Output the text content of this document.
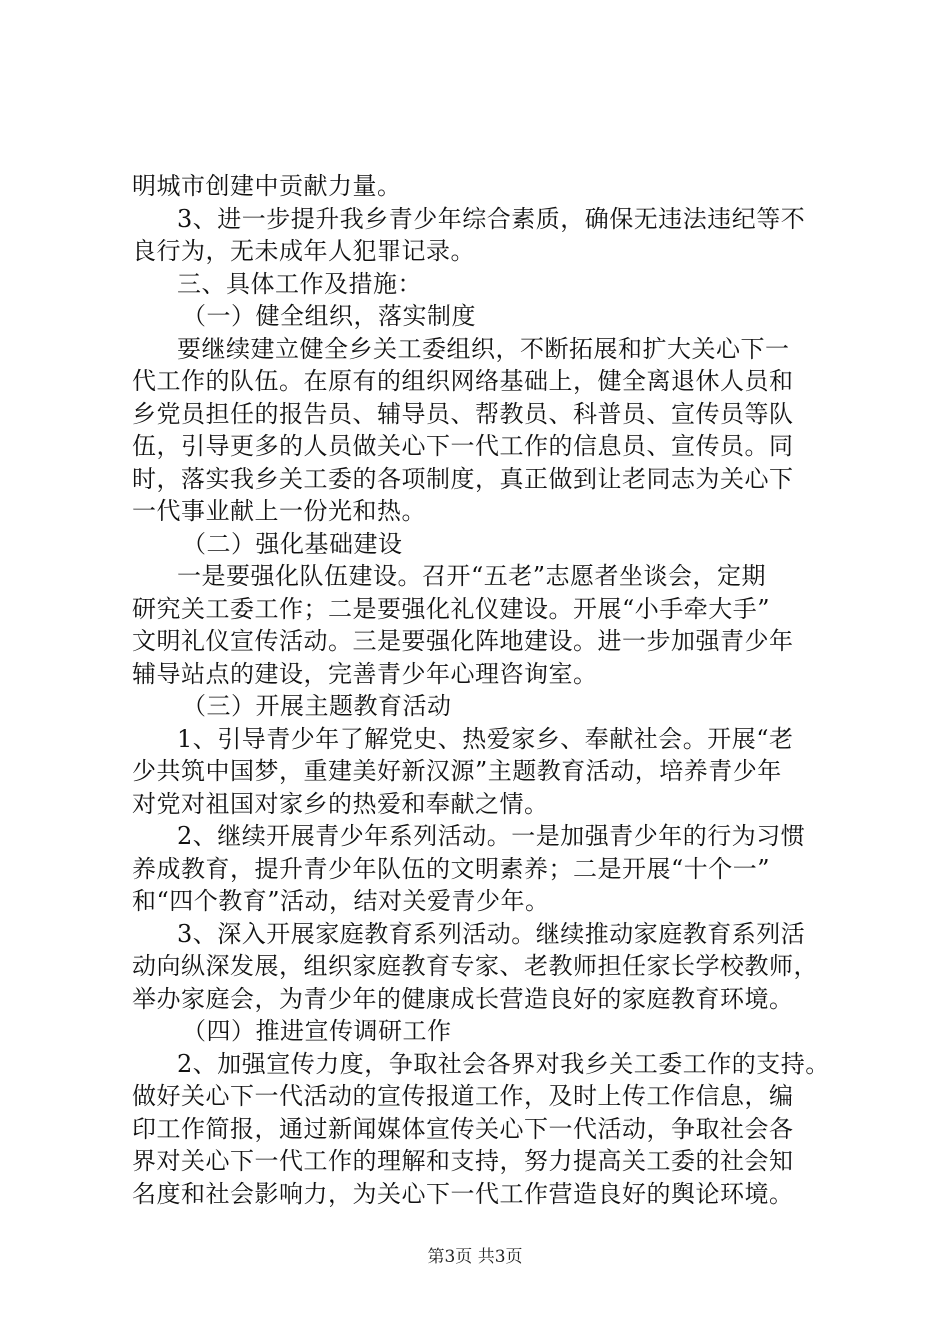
明城市创建中贡献力量。
3、进一步提升我乡青少年综合素质，确保无违法违纪等不
良行为，无未成年人犯罪记录。
三、具体工作及措施：
（一）健全组织，落实制度
要继续建立健全乡关工委组织，不断拓展和扩大关心下一
代工作的队伍。在原有的组织网络基础上，健全离退休人员和
乡党员担任的报告员、辅导员、帮教员、科普员、宣传员等队
伍，引导更多的人员做关心下一代工作的信息员、宣传员。同
时，落实我乡关工委的各项制度，真正做到让老同志为关心下
一代事业献上一份光和热。
（二）强化基础建设
一是要强化队伍建设。召开“五老”志愿者坐谈会，定期
研究关工委工作；二是要强化礼仪建设。开展“小手牵大手”
文明礼仪宣传活动。三是要强化阵地建设。进一步加强青少年
辅导站点的建设，完善青少年心理咨询室。
（三）开展主题教育活动
1、引导青少年了解党史、热爱家乡、奉献社会。开展“老
少共筑中国梦，重建美好新汉源”主题教育活动，培养青少年
对党对祖国对家乡的热爱和奉献之情。
2、继续开展青少年系列活动。一是加强青少年的行为习惯
养成教育，提升青少年队伍的文明素养；二是开展“十个一”
和“四个教育”活动，结对关爱青少年。
3、深入开展家庭教育系列活动。继续推动家庭教育系列活
动向纵深发展，组织家庭教育专家、老教师担任家长学校教师，
举办家庭会，为青少年的健康成长营造良好的家庭教育环境。
（四）推进宣传调研工作
2、加强宣传力度，争取社会各界对我乡关工委工作的支持。
做好关心下一代活动的宣传报道工作，及时上传工作信息，编
印工作简报，通过新闻媒体宣传关心下一代活动，争取社会各
界对关心下一代工作的理解和支持，努力提高关工委的社会知
名度和社会影响力，为关心下一代工作营造良好的舆论环境。
第3页 共3页
